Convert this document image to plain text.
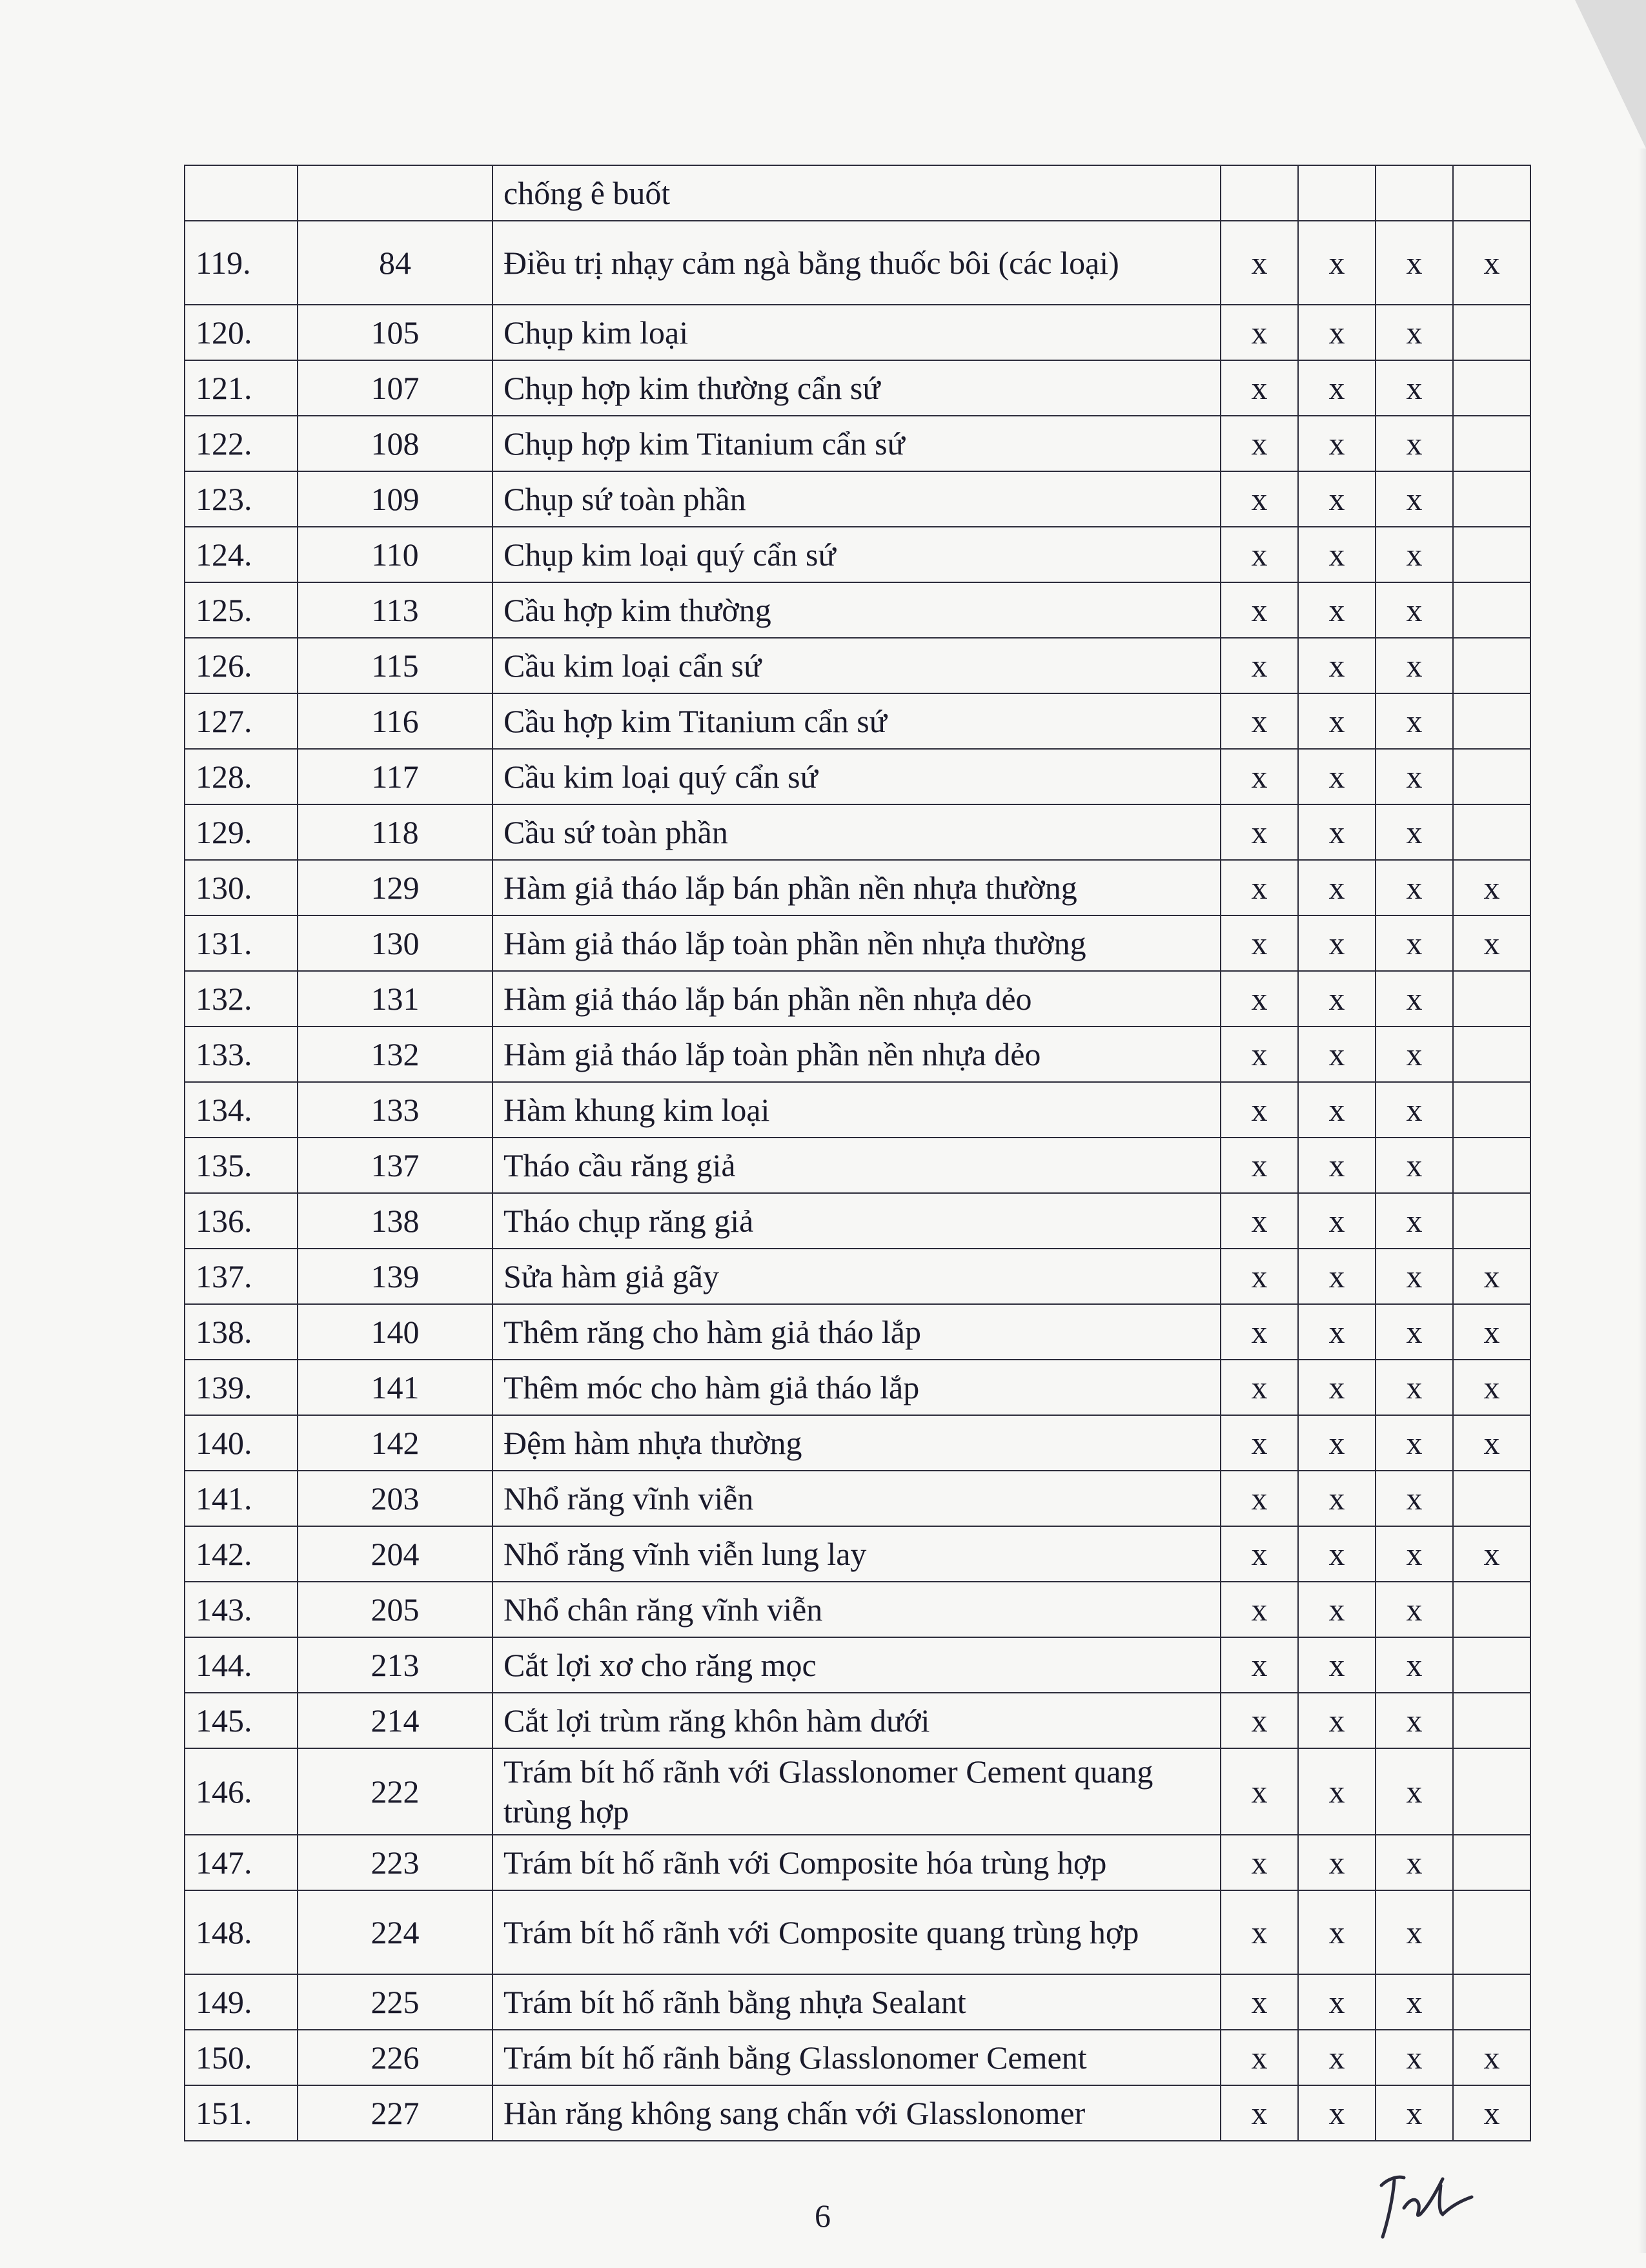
		chống ê buốt				
119.	84	Điều trị nhạy cảm ngà bằng thuốc bôi (các loại)	x	x	x	x
120.	105	Chụp kim loại	x	x	x	
121.	107	Chụp hợp kim thường cẩn sứ	x	x	x	
122.	108	Chụp hợp kim Titanium cẩn sứ	x	x	x	
123.	109	Chụp sứ toàn phần	x	x	x	
124.	110	Chụp kim loại quý cẩn sứ	x	x	x	
125.	113	Cầu hợp kim thường	x	x	x	
126.	115	Cầu kim loại cẩn sứ	x	x	x	
127.	116	Cầu hợp kim Titanium cẩn sứ	x	x	x	
128.	117	Cầu kim loại quý cẩn sứ	x	x	x	
129.	118	Cầu sứ toàn phần	x	x	x	
130.	129	Hàm giả tháo lắp bán phần nền nhựa thường	x	x	x	x
131.	130	Hàm giả tháo lắp toàn phần nền nhựa thường	x	x	x	x
132.	131	Hàm giả tháo lắp bán phần nền nhựa dẻo	x	x	x	
133.	132	Hàm giả tháo lắp toàn phần nền nhựa dẻo	x	x	x	
134.	133	Hàm khung kim loại	x	x	x	
135.	137	Tháo cầu răng giả	x	x	x	
136.	138	Tháo chụp răng giả	x	x	x	
137.	139	Sửa hàm giả gãy	x	x	x	x
138.	140	Thêm răng cho hàm giả tháo lắp	x	x	x	x
139.	141	Thêm móc cho hàm giả tháo lắp	x	x	x	x
140.	142	Đệm hàm nhựa thường	x	x	x	x
141.	203	Nhổ răng vĩnh viễn	x	x	x	
142.	204	Nhổ răng vĩnh viễn lung lay	x	x	x	x
143.	205	Nhổ chân răng vĩnh viễn	x	x	x	
144.	213	Cắt lợi xơ cho răng mọc	x	x	x	
145.	214	Cắt lợi trùm răng khôn hàm dưới	x	x	x	
146.	222	Trám bít hố rãnh với Glasslonomer Cement quang trùng hợp	x	x	x	
147.	223	Trám bít hố rãnh với Composite hóa trùng hợp	x	x	x	
148.	224	Trám bít hố rãnh với Composite quang trùng hợp	x	x	x	
149.	225	Trám bít hố rãnh bằng nhựa Sealant	x	x	x	
150.	226	Trám bít hố rãnh bằng Glasslonomer Cement	x	x	x	x
151.	227	Hàn răng không sang chấn với Glasslonomer	x	x	x	x
6
